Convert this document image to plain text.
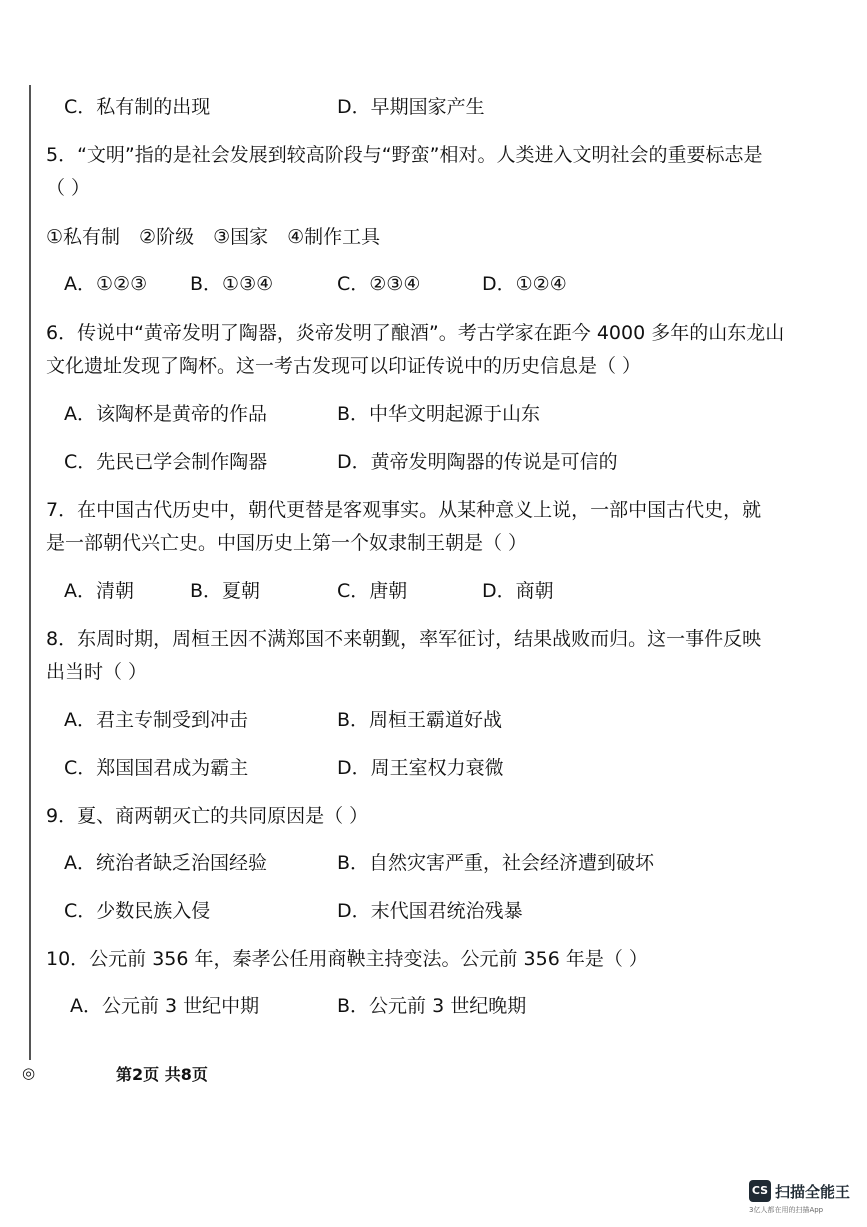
C．私有制的出现	D．早期国家产生
5．“文明”指的是社会发展到较高阶段与“野蛮”相对。人类进入文明社会的重要标志是
（ ）
①私有制　②阶级　③国家　④制作工具
A．①②③ B．①③④	C．②③④	D．①②④
6．传说中“黄帝发明了陶器，炎帝发明了酿酒”。考古学家在距今 4000 多年的山东龙山
文化遗址发现了陶杯。这一考古发现可以印证传说中的历史信息是（ ）
A．该陶杯是黄帝的作品	B．中华文明起源于山东
C．先民已学会制作陶器	D．黄帝发明陶器的传说是可信的
7．在中国古代历史中，朝代更替是客观事实。从某种意义上说，一部中国古代史，就
是一部朝代兴亡史。中国历史上第一个奴隶制王朝是（ ）
A．清朝	B．夏朝	C．唐朝	D．商朝
8．东周时期，周桓王因不满郑国不来朝觐，率军征讨，结果战败而归。这一事件反映
出当时（ ）
A．君主专制受到冲击	B．周桓王霸道好战
C．郑国国君成为霸主	D．周王室权力衰微
9．夏、商两朝灭亡的共同原因是（ ）
A．统治者缺乏治国经验	B．自然灾害严重，社会经济遭到破坏
C．少数民族入侵	D．末代国君统治残暴
10．公元前 356 年，秦孝公任用商鞅主持变法。公元前 356 年是（ ）
A．公元前 3 世纪中期	B．公元前 3 世纪晚期
◎	第2页 共8页
CS 扫描全能王
3亿人都在用的扫描App
